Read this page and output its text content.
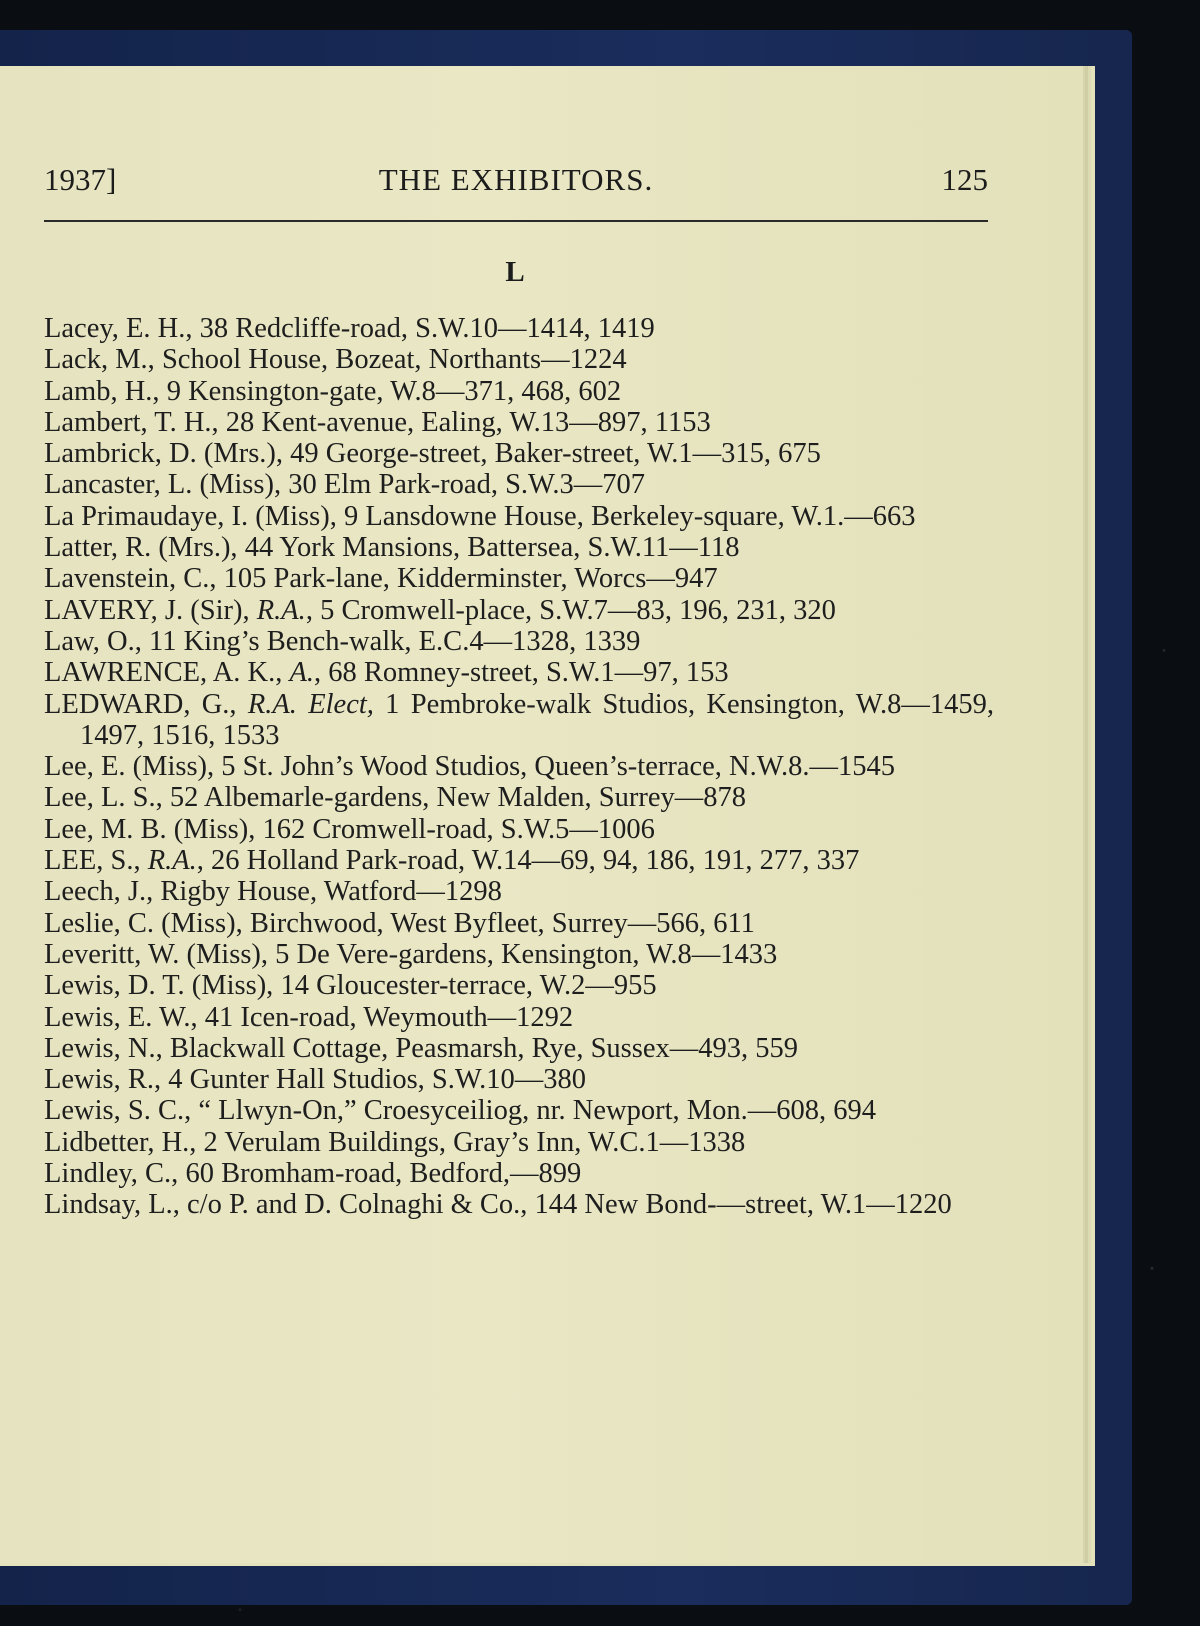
1937]	THE EXHIBITORS.	125
L
Lacey, E. H., 38 Redcliffe-road, S.W.10—1414, 1419
Lack, M., School House, Bozeat, Northants—1224
Lamb, H., 9 Kensington-gate, W.8—371, 468, 602
Lambert, T. H., 28 Kent-avenue, Ealing, W.13—897, 1153
Lambrick, D. (Mrs.), 49 George-street, Baker-street, W.1—315, 675
Lancaster, L. (Miss), 30 Elm Park-road, S.W.3—707
La Primaudaye, I. (Miss), 9 Lansdowne House, Berkeley-square, W.1.—663
Latter, R. (Mrs.), 44 York Mansions, Battersea, S.W.11—118
Lavenstein, C., 105 Park-lane, Kidderminster, Worcs—947
LAVERY, J. (Sir), R.A., 5 Cromwell-place, S.W.7—83, 196, 231, 320
Law, O., 11 King’s Bench-walk, E.C.4—1328, 1339
LAWRENCE, A. K., A., 68 Romney-street, S.W.1—97, 153
LEDWARD, G., R.A. Elect, 1 Pembroke-walk Studios, Kensington, W.8—1459, 1497, 1516, 1533
Lee, E. (Miss), 5 St. John’s Wood Studios, Queen’s-terrace, N.W.8.—1545
Lee, L. S., 52 Albemarle-gardens, New Malden, Surrey—878
Lee, M. B. (Miss), 162 Cromwell-road, S.W.5—1006
LEE, S., R.A., 26 Holland Park-road, W.14—69, 94, 186, 191, 277, 337
Leech, J., Rigby House, Watford—1298
Leslie, C. (Miss), Birchwood, West Byfleet, Surrey—566, 611
Leveritt, W. (Miss), 5 De Vere-gardens, Kensington, W.8—1433
Lewis, D. T. (Miss), 14 Gloucester-terrace, W.2—955
Lewis, E. W., 41 Icen-road, Weymouth—1292
Lewis, N., Blackwall Cottage, Peasmarsh, Rye, Sussex—493, 559
Lewis, R., 4 Gunter Hall Studios, S.W.10—380
Lewis, S. C., “ Llwyn-On,” Croesyceiliog, nr. Newport, Mon.—608, 694
Lidbetter, H., 2 Verulam Buildings, Gray’s Inn, W.C.1—1338
Lindley, C., 60 Bromham-road, Bedford,—899
Lindsay, L., c/o P. and D. Colnaghi & Co., 144 New Bond-—street, W.1—1220
